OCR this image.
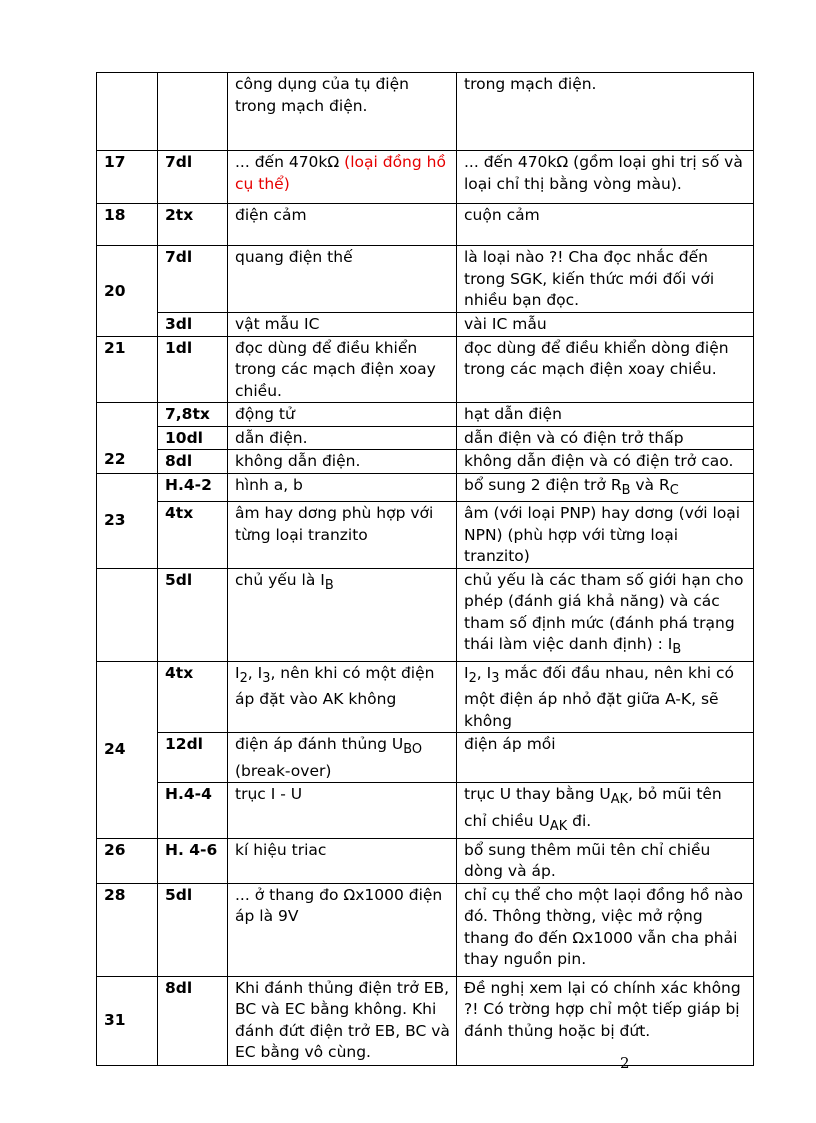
		công dụng của tụ điện trong mạch điện.	trong mạch điện.
17	7dl	... đến 470kΩ (loại đồng hồ cụ thể)	... đến 470kΩ (gồm loại ghi trị số và loại chỉ thị bằng vòng màu).
18	2tx	điện cảm	cuộn cảm
20	7dl	quang điện thế	là loại nào ?! Cha đọc nhắc đến trong SGK, kiến thức mới đối với nhiều bạn đọc.
	3dl	vật mẫu IC	vài IC mẫu
21	1dl	đọc dùng để điều khiển trong các mạch điện xoay chiều.	đọc dùng để điều khiển dòng điện trong các mạch điện xoay chiều.
22	7,8tx	động tử	hạt dẫn điện
	10dl	dẫn điện.	dẫn điện và có điện trở thấp
	8dl	không dẫn điện.	không dẫn điện và có điện trở cao.
23	H.4-2	hình a, b	bổ sung 2 điện trở $R_B$ và $R_C$
	4tx	âm hay dơng phù hợp với từng loại tranzito	âm (với loại PNP) hay dơng (với loại NPN) (phù hợp với từng loại tranzito)
	5dl	chủ yếu là $I_B$	chủ yếu là các tham số giới hạn cho phép (đánh giá khả năng) và các tham số định mức (đánh phá trạng thái làm việc danh định) : $I_B$
24	4tx	$I_2$, $I_3$, nên khi có một điện áp đặt vào AK không	$I_2$, $I_3$ mắc đối đầu nhau, nên khi có một điện áp nhỏ đặt giữa A-K, sẽ không
	12dl	điện áp đánh thủng $U_{BO}$ (break-over)	điện áp mồi
	H.4-4	trục I - U	trục U thay bằng $U_{AK}$, bỏ mũi tên chỉ chiều $U_{AK}$ đi.
26	H. 4-6	kí hiệu triac	bổ sung thêm mũi tên chỉ chiều dòng và áp.
28	5dl	... ở thang đo Ωx1000 điện áp là 9V	chỉ cụ thể cho một laọi đồng hồ nào đó. Thông thờng, việc mở rộng thang đo đến Ωx1000 vẫn cha phải thay nguồn pin.
31	8dl	Khi đánh thủng điện trở EB, BC và EC bằng không. Khi đánh đứt điện trở EB, BC và EC bằng vô cùng.	Đề nghị xem lại có chính xác không ?! Có trờng hợp chỉ một tiếp giáp bị đánh thủng hoặc bị đứt.
2
